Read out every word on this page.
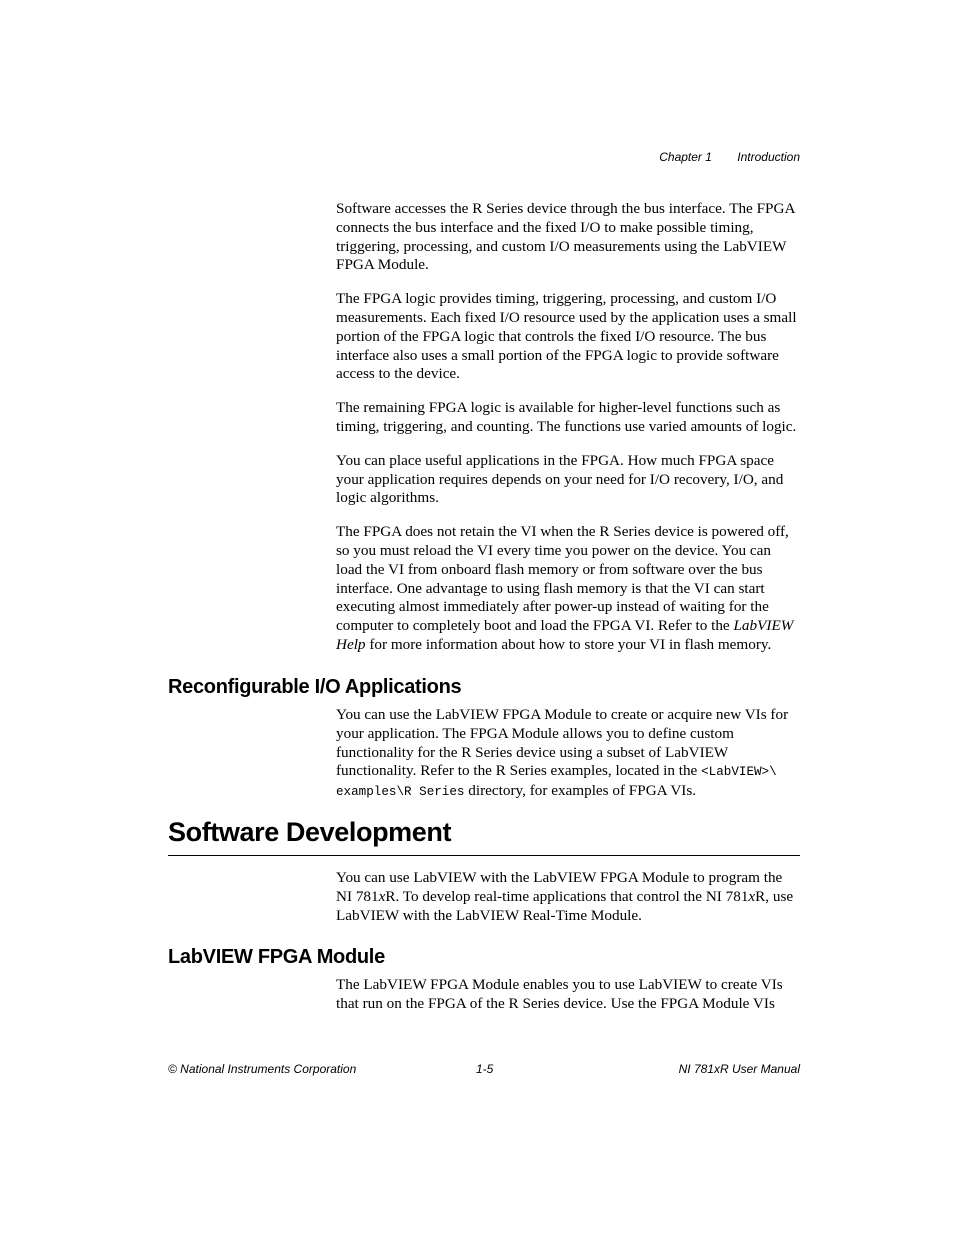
Chapter 1 Introduction

Software accesses the R Series device through the bus interface. The FPGA connects the bus interface and the fixed I/O to make possible timing, triggering, processing, and custom I/O measurements using the LabVIEW FPGA Module.

The FPGA logic provides timing, triggering, processing, and custom I/O measurements. Each fixed I/O resource used by the application uses a small portion of the FPGA logic that controls the fixed I/O resource. The bus interface also uses a small portion of the FPGA logic to provide software access to the device.

The remaining FPGA logic is available for higher-level functions such as timing, triggering, and counting. The functions use varied amounts of logic.

You can place useful applications in the FPGA. How much FPGA space your application requires depends on your need for I/O recovery, I/O, and logic algorithms.

The FPGA does not retain the VI when the R Series device is powered off, so you must reload the VI every time you power on the device. You can load the VI from onboard flash memory or from software over the bus interface. One advantage to using flash memory is that the VI can start executing almost immediately after power-up instead of waiting for the computer to completely boot and load the FPGA VI. Refer to the LabVIEW Help for more information about how to store your VI in flash memory.

Reconfigurable I/O Applications

You can use the LabVIEW FPGA Module to create or acquire new VIs for your application. The FPGA Module allows you to define custom functionality for the R Series device using a subset of LabVIEW functionality. Refer to the R Series examples, located in the <LabVIEW>\ examples\R Series directory, for examples of FPGA VIs.

Software Development

You can use LabVIEW with the LabVIEW FPGA Module to program the NI 781xR. To develop real-time applications that control the NI 781xR, use LabVIEW with the LabVIEW Real-Time Module.

LabVIEW FPGA Module

The LabVIEW FPGA Module enables you to use LabVIEW to create VIs that run on the FPGA of the R Series device. Use the FPGA Module VIs

© National Instruments Corporation	1-5	NI 781xR User Manual
